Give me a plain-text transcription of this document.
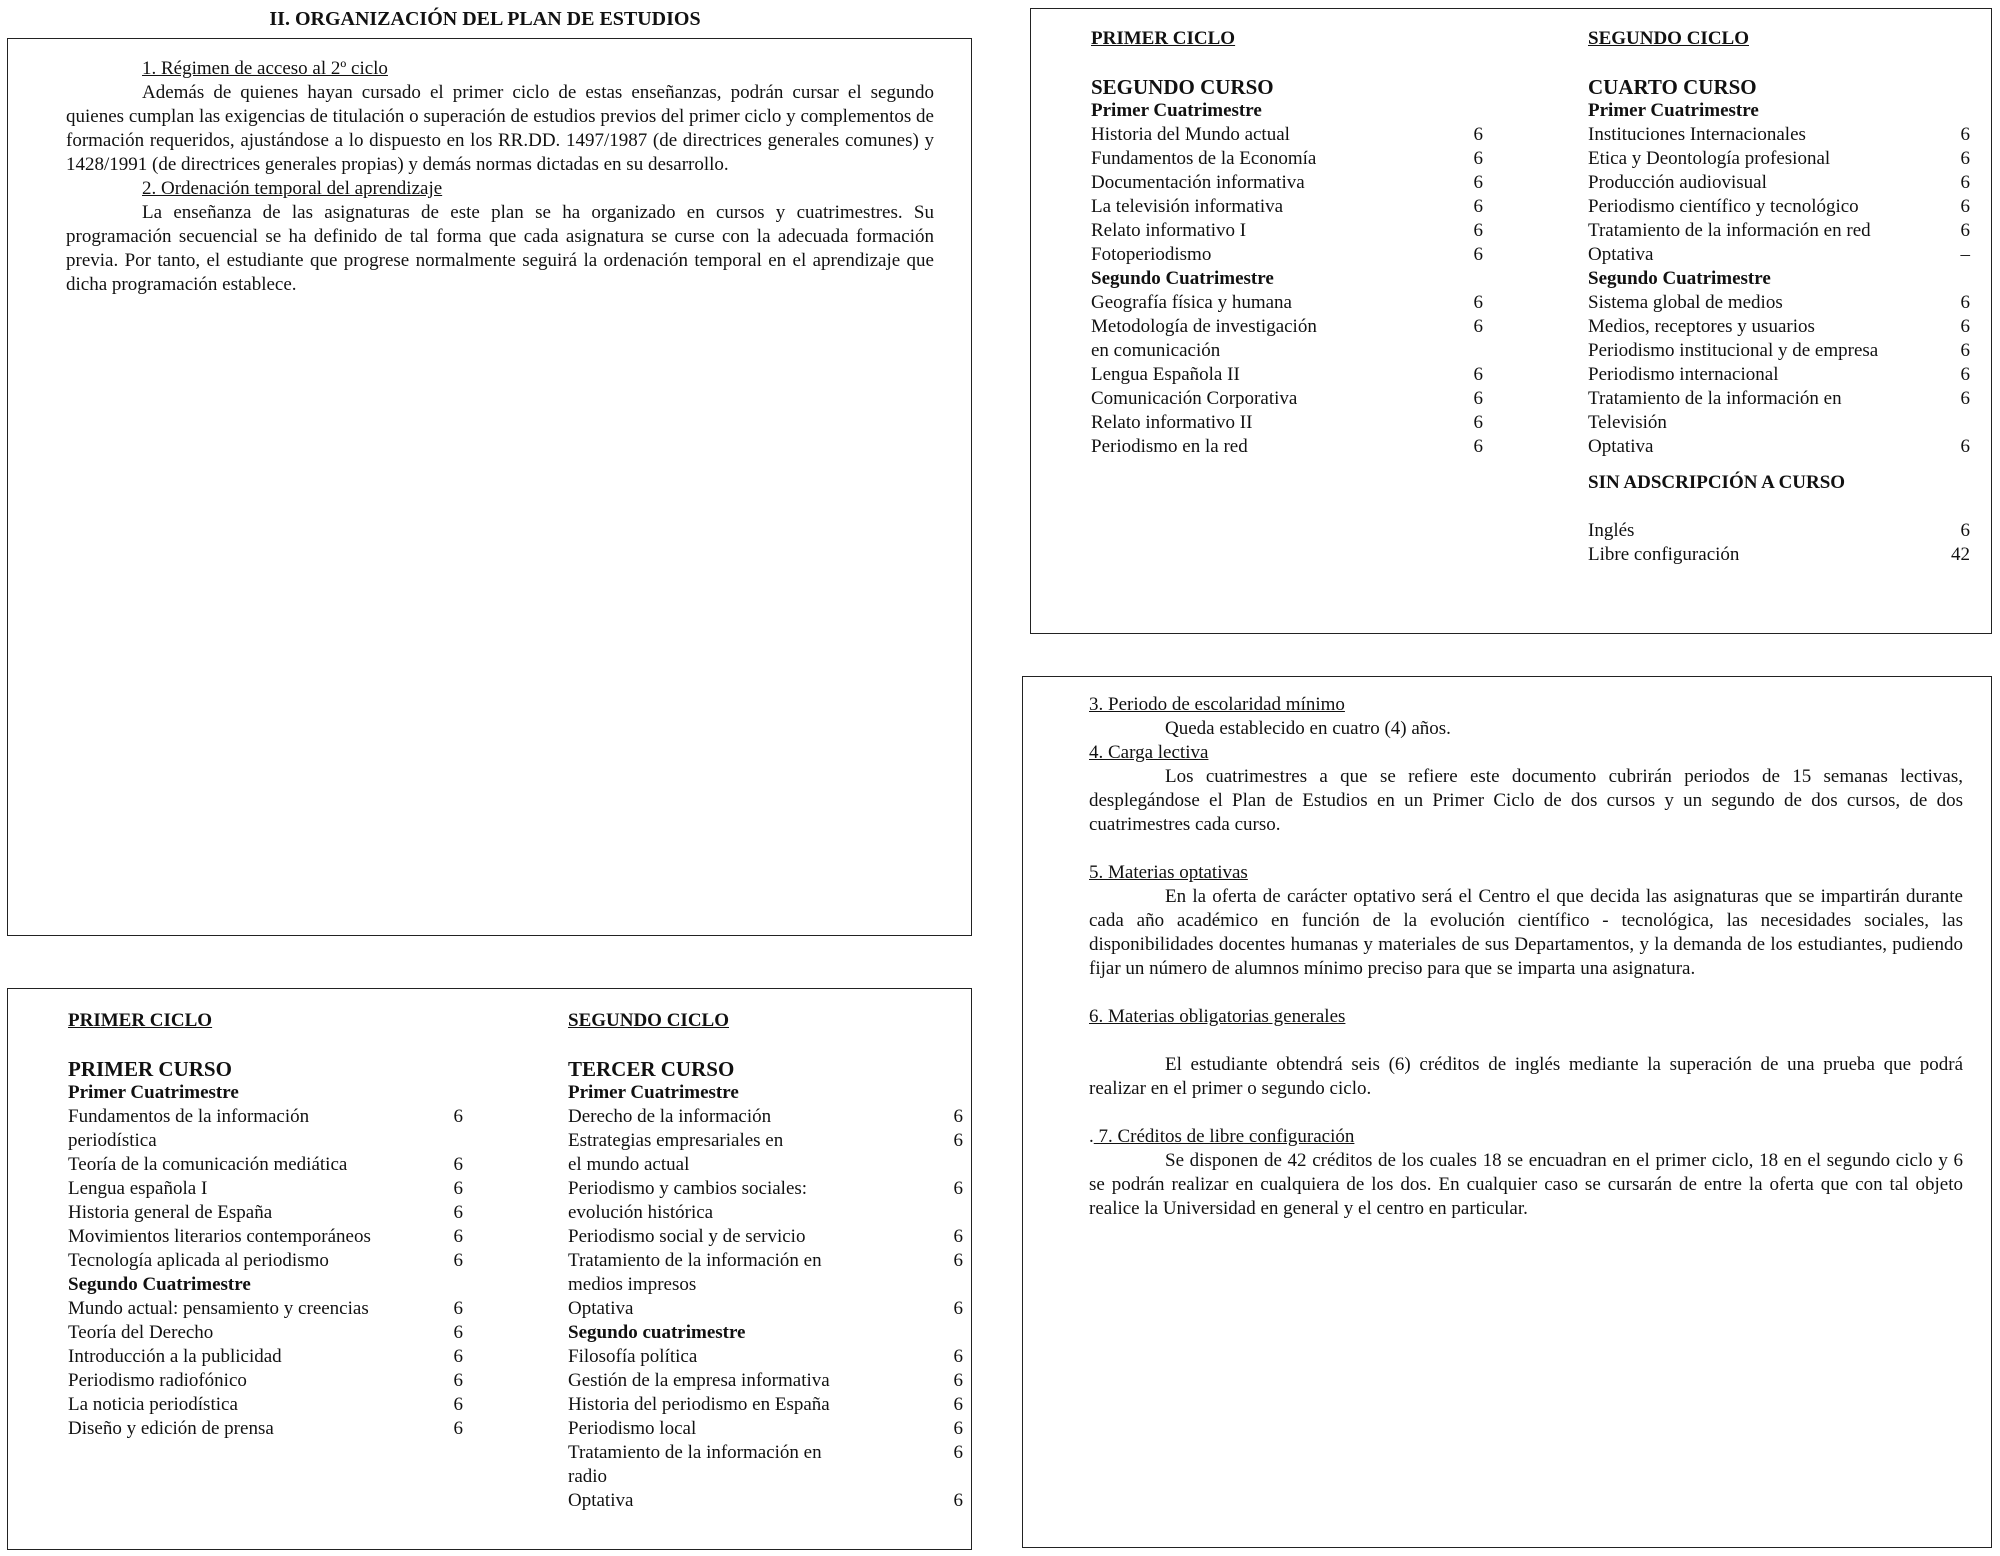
II. ORGANIZACIÓN DEL PLAN DE ESTUDIOS

1. Régimen de acceso al 2º ciclo

Además de quienes hayan cursado el primer ciclo de estas enseñanzas, podrán cursar el segundo quienes cumplan las exigencias de titulación o superación de estudios previos del primer ciclo y complementos de formación requeridos, ajustándose a lo dispuesto en los RR.DD. 1497/1987 (de directrices generales comunes) y 1428/1991 (de directrices generales propias) y demás normas dictadas en su desarrollo.

2. Ordenación temporal del aprendizaje

La enseñanza de las asignaturas de este plan se ha organizado en cursos y cuatrimestres. Su programación secuencial se ha definido de tal forma que cada asignatura se curse con la adecuada formación previa. Por tanto, el estudiante que progrese normalmente seguirá la ordenación temporal en el aprendizaje que dicha programación establece.

PRIMER CICLO
PRIMER CURSO
Primer Cuatrimestre
Fundamentos de la información	6
periodística
Teoría de la comunicación mediática	6
Lengua española I	6
Historia general de España	6
Movimientos literarios contemporáneos	6
Tecnología aplicada al periodismo	6
Segundo Cuatrimestre
Mundo actual: pensamiento y creencias	6
Teoría del Derecho	6
Introducción a la publicidad	6
Periodismo radiofónico	6
La noticia periodística	6
Diseño y edición de prensa	6
SEGUNDO CICLO
TERCER CURSO
Primer Cuatrimestre
Derecho de la información	6
Estrategias empresariales en	6
el mundo actual
Periodismo y cambios sociales:	6
evolución histórica
Periodismo social y de servicio	6
Tratamiento de la información en	6
medios impresos
Optativa	6
Segundo cuatrimestre
Filosofía política	6
Gestión de la empresa informativa	6
Historia del periodismo en España	6
Periodismo local	6
Tratamiento de la información en	6
radio
Optativa	6
PRIMER CICLO
SEGUNDO CURSO
Primer Cuatrimestre
Historia del Mundo actual	6
Fundamentos de la Economía	6
Documentación informativa	6
La televisión informativa	6
Relato informativo I	6
Fotoperiodismo	6
Segundo Cuatrimestre
Geografía física y humana	6
Metodología de investigación	6
en comunicación
Lengua Española II	6
Comunicación Corporativa	6
Relato informativo II	6
Periodismo en la red	6
SEGUNDO CICLO
CUARTO CURSO
Primer Cuatrimestre
Instituciones Internacionales	6
Etica y Deontología profesional	6
Producción audiovisual	6
Periodismo científico y tecnológico	6
Tratamiento de la información en red	6
Optativa	–
Segundo Cuatrimestre
Sistema global de medios	6
Medios, receptores y usuarios	6
Periodismo institucional y de empresa	6
Periodismo internacional	6
Tratamiento de la información en	6
Televisión
Optativa	6
SIN ADSCRIPCIÓN A CURSO
Inglés	6
Libre configuración	42

3. Periodo de escolaridad mínimo

Queda establecido en cuatro (4) años.

4. Carga lectiva

Los cuatrimestres a que se refiere este documento cubrirán periodos de 15 semanas lectivas, desplegándose el Plan de Estudios en un Primer Ciclo de dos cursos y un segundo de dos cursos, de dos cuatrimestres cada curso.

5. Materias optativas

En la oferta de carácter optativo será el Centro el que decida las asignaturas que se impartirán durante cada año académico en función de la evolución científico - tecnológica, las necesidades sociales, las disponibilidades docentes humanas y materiales de sus Departamentos, y la demanda de los estudiantes, pudiendo fijar un número de alumnos mínimo preciso para que se imparta una asignatura.

6. Materias obligatorias generales

El estudiante obtendrá seis (6) créditos de inglés mediante la superación de una prueba que podrá realizar en el primer o segundo ciclo.

. 7. Créditos de libre configuración

Se disponen de 42 créditos de los cuales 18 se encuadran en el primer ciclo, 18 en el segundo ciclo y 6 se podrán realizar en cualquiera de los dos. En cualquier caso se cursarán de entre la oferta que con tal objeto realice la Universidad en general y el centro en particular.
